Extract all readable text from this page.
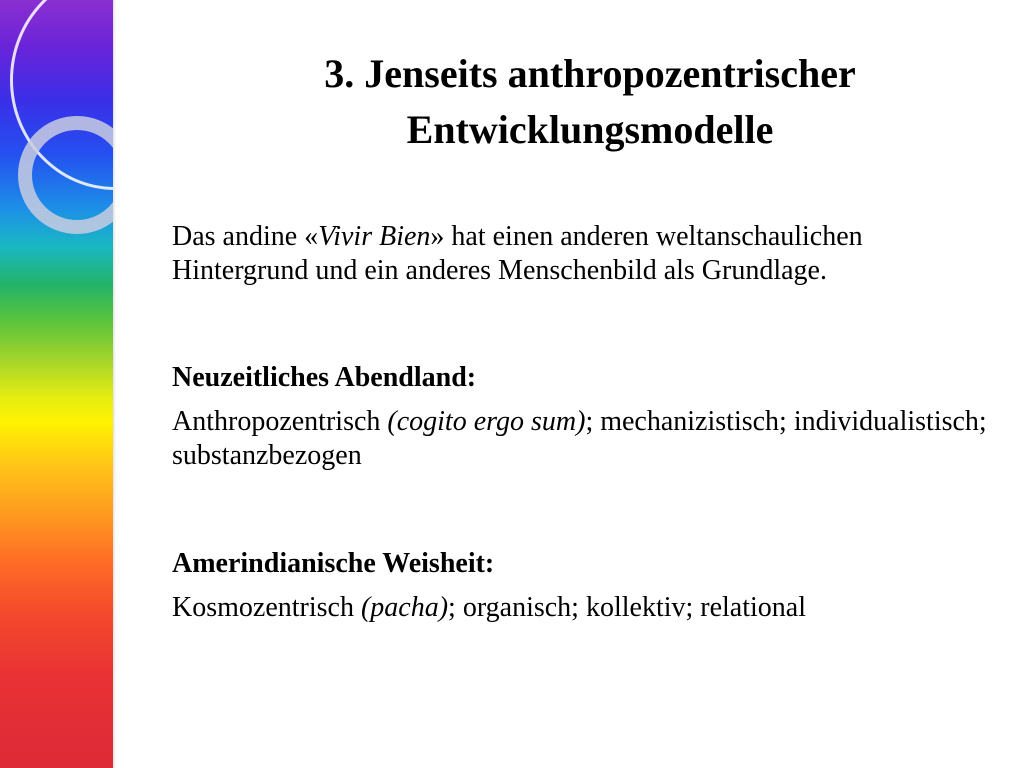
3. Jenseits anthropozentrischer
Entwicklungsmodelle

Das andine «Vivir Bien» hat einen anderen weltanschaulichen Hintergrund und ein anderes Menschenbild als Grundlage.

Neuzeitliches Abendland:

Anthropozentrisch (cogito ergo sum); mechanizistisch; individualistisch; substanzbezogen

Amerindianische Weisheit:

Kosmozentrisch (pacha); organisch; kollektiv; relational
